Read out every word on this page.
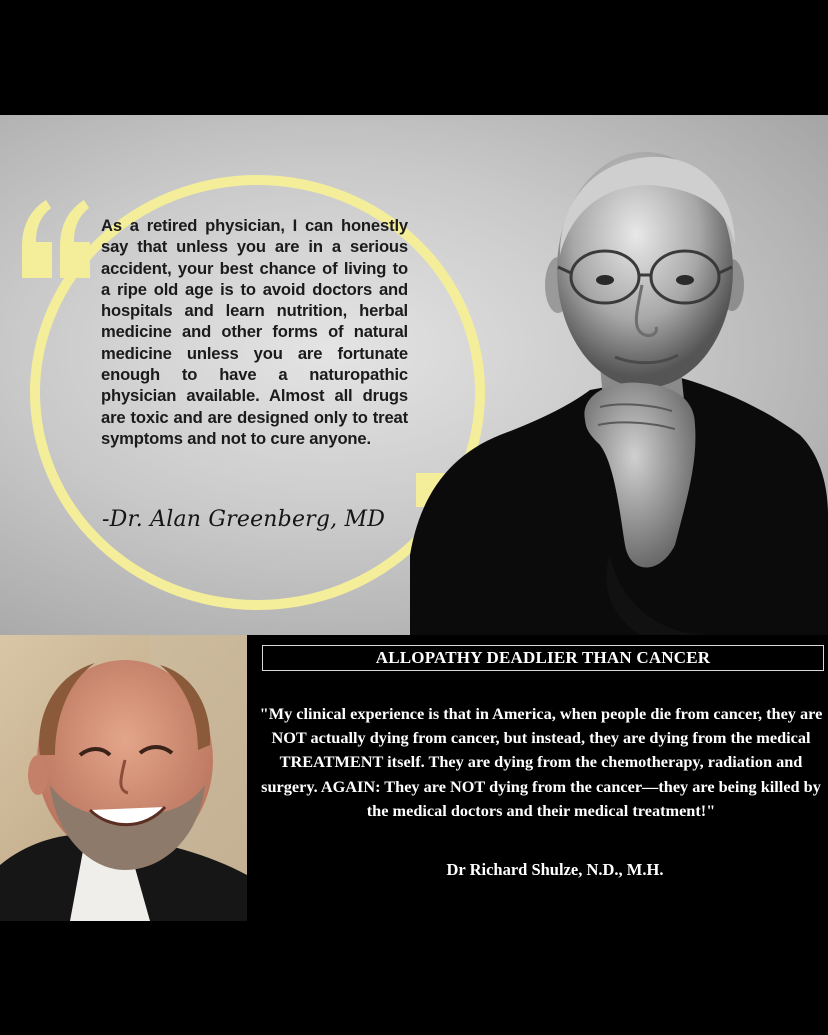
As a retired physician, I can honestly say that unless you are in a serious accident, your best chance of living to a ripe old age is to avoid doctors and hospitals and learn nutrition, herbal medicine and other forms of natural medicine unless you are fortunate enough to have a naturopathic physician available. Almost all drugs are toxic and are designed only to treat symptoms and not to cure anyone.
-Dr. Alan Greenberg, MD
ALLOPATHY DEADLIER THAN CANCER
"My clinical experience is that in America, when people die from cancer, they are NOT actually dying from cancer, but instead, they are dying from the medical TREATMENT itself. They are dying from the chemotherapy, radiation and surgery. AGAIN: They are NOT dying from the cancer—they are being killed by the medical doctors and their medical treatment!"
Dr Richard Shulze, N.D., M.H.
